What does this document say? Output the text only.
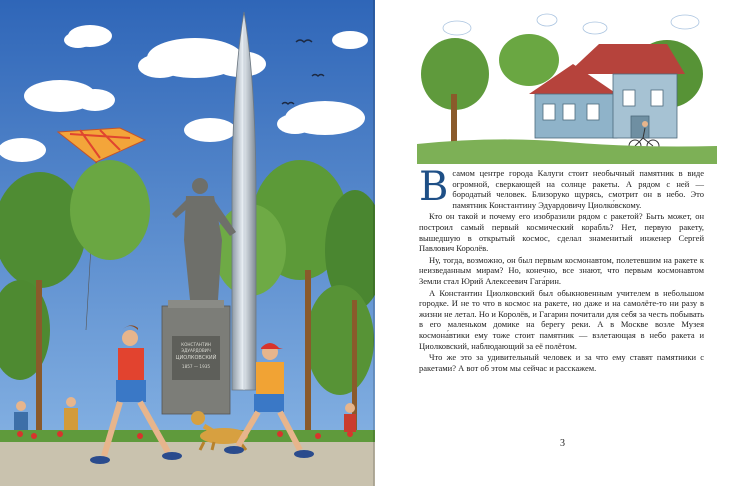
КОНСТАНТИН
ЭДУАРДОВИЧ
ЦИОЛКОВСКИЙ
1857 — 1935

Всамом центре города Калуги стоит необычный памятник в виде огромной, сверкающей на солнце ракеты. А рядом с ней — бородатый человек. Близоруко щурясь, смотрит он в небо. Это памятник Константину Эдуардовичу Циолко́вскому.

Кто он такой и почему его изобразили рядом с ракетой? Быть может, он построил самый первый космический корабль? Нет, первую ракету, вышедшую в открытый космос, сделал знаменитый инженер Сергей Павлович Королёв.

Ну, тогда, возможно, он был первым космонавтом, полетевшим на ракете к неизведанным мирам? Но, конечно, все знают, что первым космонавтом Земли стал Юрий Алексеевич Гага́рин.

А Константин Циолковский был обыкновенным учителем в небольшом городке. И не то что в космос на ракете, но даже и на самолёте-то ни разу в жизни не летал. Но и Королёв, и Гагарин почитали для себя за честь побывать в его маленьком домике на берегу реки. А в Москве возле Музея космона́втики ему тоже стоит памятник — взлетающая в небо ракета и Циолковский, наблюдающий за её полётом.

Что же это за удивительный человек и за что ему ставят памятники с ракетами? А вот об этом мы сейчас и расскажем.

3
